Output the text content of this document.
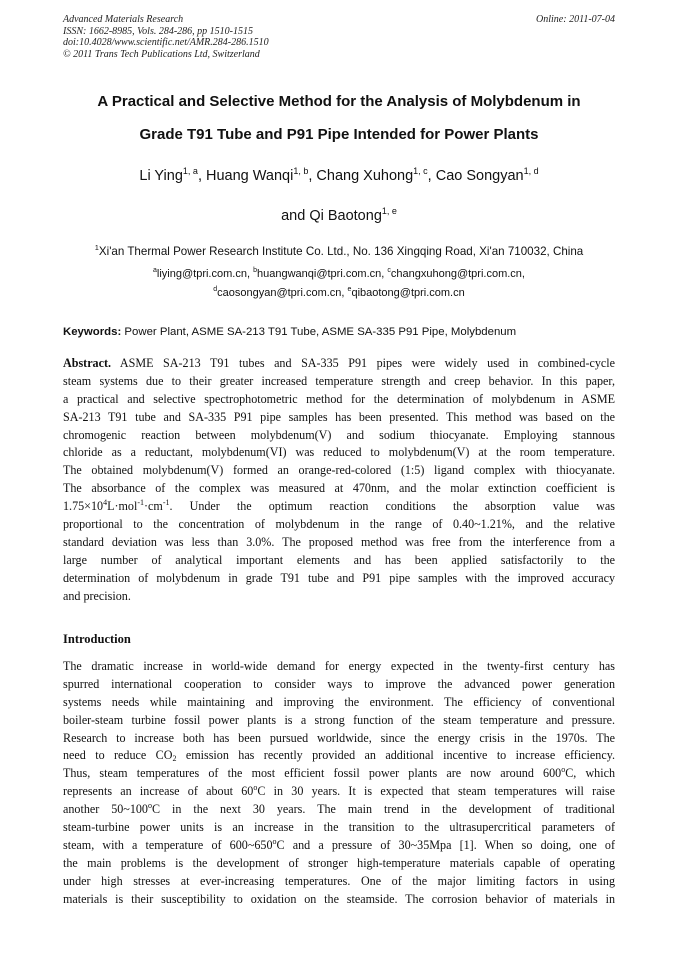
Advanced Materials Research
ISSN: 1662-8985, Vols. 284-286, pp 1510-1515
doi:10.4028/www.scientific.net/AMR.284-286.1510
© 2011 Trans Tech Publications Ltd, Switzerland
Online: 2011-07-04
A Practical and Selective Method for the Analysis of Molybdenum in
Grade T91 Tube and P91 Pipe Intended for Power Plants
Li Ying$^{1, a}$, Huang Wanqi$^{1, b}$, Chang Xuhong$^{1, c}$, Cao Songyan$^{1, d}$
and Qi Baotong$^{1, e}$
$^1$Xi'an Thermal Power Research Institute Co. Ltd., No. 136 Xingqing Road, Xi'an 710032, China
$^a$liying@tpri.com.cn, $^b$huangwanqi@tpri.com.cn, $^c$changxuhong@tpri.com.cn,
$^d$caosongyan@tpri.com.cn, $^e$qibaotong@tpri.com.cn
Keywords: Power Plant, ASME SA-213 T91 Tube, ASME SA-335 P91 Pipe, Molybdenum
Abstract. ASME SA-213 T91 tubes and SA-335 P91 pipes were widely used in combined-cycle
steam systems due to their greater increased temperature strength and creep behavior. In this paper,
a practical and selective spectrophotometric method for the determination of molybdenum in ASME
SA-213 T91 tube and SA-335 P91 pipe samples has been presented. This method was based on the
chromogenic reaction between molybdenum(V) and sodium thiocyanate. Employing stannous
chloride as a reductant, molybdenum(VI) was reduced to molybdenum(V) at the room temperature.
The obtained molybdenum(V) formed an orange-red-colored (1:5) ligand complex with thiocyanate.
The absorbance of the complex was measured at 470nm, and the molar extinction coefficient is
$1.75\times 10^4L\cdot mol^{-1}\cdot cm^{-1}$. Under the optimum reaction conditions the absorption value was
proportional to the concentration of molybdenum in the range of 0.40~1.21%, and the relative
standard deviation was less than 3.0%. The proposed method was free from the interference from a
large number of analytical important elements and has been applied satisfactorily to the
determination of molybdenum in grade T91 tube and P91 pipe samples with the improved accuracy
and precision.
Introduction
The dramatic increase in world-wide demand for energy expected in the twenty-first century has
spurred international cooperation to consider ways to improve the advanced power generation
systems needs while maintaining and improving the environment. The efficiency of conventional
boiler-steam turbine fossil power plants is a strong function of the steam temperature and pressure.
Research to increase both has been pursued worldwide, since the energy crisis in the 1970s. The
need to reduce $CO_2$ emission has recently provided an additional incentive to increase efficiency.
Thus, steam temperatures of the most efficient fossil power plants are now around 600$^o$C, which
represents an increase of about 60$^o$C in 30 years. It is expected that steam temperatures will raise
another 50~100$^o$C in the next 30 years. The main trend in the development of traditional
steam-turbine power units is an increase in the transition to the ultrasupercritical parameters of
steam, with a temperature of 600~650$^o$C and a pressure of 30~35Mpa [1]. When so doing, one of
the main problems is the development of stronger high-temperature materials capable of operating
under high stresses at ever-increasing temperatures. One of the major limiting factors in using
materials is their susceptibility to oxidation on the steamside. The corrosion behavior of materials in
